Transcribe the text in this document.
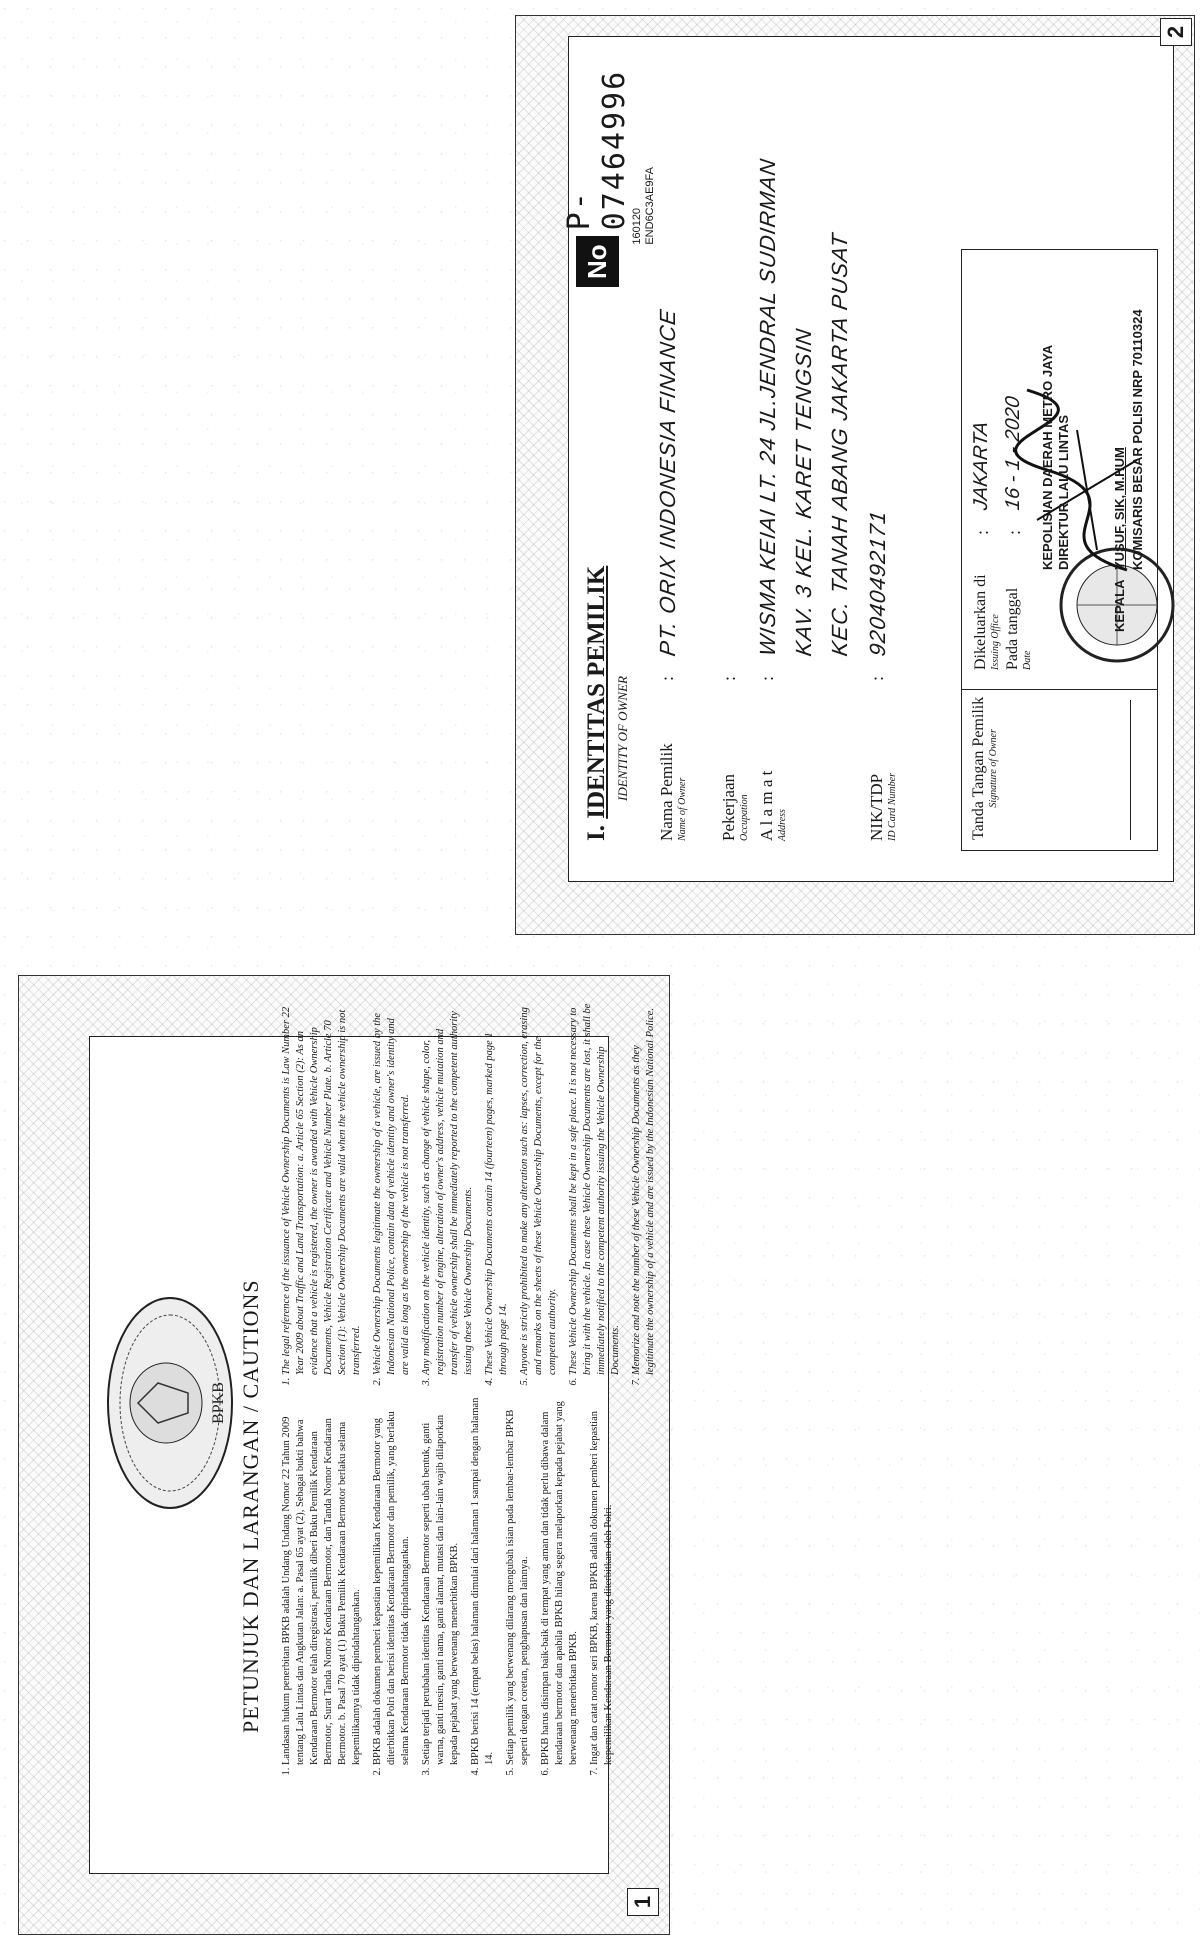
BPKB PETUNJUK DAN LARANGAN / CAUTIONS 1. Landasan hukum penerbitan BPKB adalah Undang Undang Nomor 22 Tahun 2009 tentang Lalu Lintas dan Angkutan Jalan: a. Pasal 65 ayat (2), Sebagai bukti bahwa Kendaraan Bermotor telah diregistrasi, pemilik diberi Buku Pemilik Kendaraan Bermotor, Surat Tanda Nomor Kendaraan Bermotor, dan Tanda Nomor Kendaraan Bermotor. b. Pasal 70 ayat (1) Buku Pemilik Kendaraan Bermotor berlaku selama kepemilikannya tidak dipindahtangankan. 2. BPKB adalah dokumen pemberi kepastian kepemilikan Kendaraan Bermotor yang diterbitkan Polri dan berisi identitas Kendaraan Bermotor dan pemilik, yang berlaku selama Kendaraan Bermotor tidak dipindahtangankan. 3. Setiap terjadi perubahan identitas Kendaraan Bermotor seperti ubah bentuk, ganti warna, ganti mesin, ganti nama, ganti alamat, mutasi dan lain-lain wajib dilaporkan kepada pejabat yang berwenang menerbitkan BPKB. 4. BPKB berisi 14 (empat belas) halaman dimulai dari halaman 1 sampai dengan halaman 14. 5. Setiap pemilik yang berwenang dilarang mengubah isian pada lembar-lembar BPKB seperti dengan coretan, penghapusan dan lainnya. 6. BPKB harus disimpan baik-baik di tempat yang aman dan tidak perlu dibawa dalam kendaraan bermotor dan apabila BPKB hilang segera melaporkan kepada pejabat yang berwenang menerbitkan BPKB. 7. Ingat dan catat nomor seri BPKB, karena BPKB adalah dokumen pemberi kepastian kepemilikan Kendaraan Bermotor yang diterbitkan oleh Polri.
1. The legal reference of the issuance of Vehicle Ownership Documents is Law Number 22 Year 2009 about Traffic and Land Transportation: a. Article 65 Section (2): As an evidence that a vehicle is registered, the owner is awarded with Vehicle Ownership Documents, Vehicle Registration Certificate and Vehicle Number Plate. b. Article 70 Section (1): Vehicle Ownership Documents are valid when the vehicle ownership is not transferred. 2. Vehicle Ownership Documents legitimate the ownership of a vehicle, are issued by the Indonesian National Police, contain data of vehicle identity and owner's identity and are valid as long as the ownership of the vehicle is not transferred. 3. Any modification on the vehicle identity, such as change of vehicle shape, color, registration number of engine, alteration of owner's address, vehicle mutation and transfer of vehicle ownership shall be immediately reported to the competent authority issuing these Vehicle Ownership Documents. 4. These Vehicle Ownership Documents contain 14 (fourteen) pages, marked page 1 through page 14. 5. Anyone is strictly prohibited to make any alteration such as: lapses, correction, erasing and remarks on the sheets of these Vehicle Ownership Documents, except for the competent authority. 6. These Vehicle Ownership Documents shall be kept in a safe place. It is not necessary to bring it with the vehicle. In case these Vehicle Ownership Documents are lost, it shall be immediately notified to the competent authority issuing the Vehicle Ownership Documents. 7. Memorize and note the number of these Vehicle Ownership Documents as they legitimate the ownership of a vehicle and are issued by the Indonesian National Police.
1
I. IDENTITAS PEMILIK IDENTITY OF OWNER
No
P- 07464996 160120 END6C3AE9FA
Nama Pemilik Name of Owner
:
PT. ORIX INDONESIA FINANCE
Pekerjaan Occupation
:
A l a m a t Address
:
WISMA KEIAI LT. 24 JL.JENDRAL SUDIRMAN KAV. 3 KEL. KARET TENGSIN KEC. TANAH ABANG JAKARTA PUSAT
NIK/TDP ID Card Number
:
92040492171
Tanda Tangan Pemilik Signature of Owner
Dikeluarkan di Issuing Office
:
JAKARTA
Pada tanggal Date
:
16 - 1 - 2020
KEPALA
KEPOLISIAN DAERAH METRO JAYA DIREKTUR LALU LINTAS	YUSUF, SIK, M.HUM KOMISARIS BESAR POLISI NRP 70110324
2
